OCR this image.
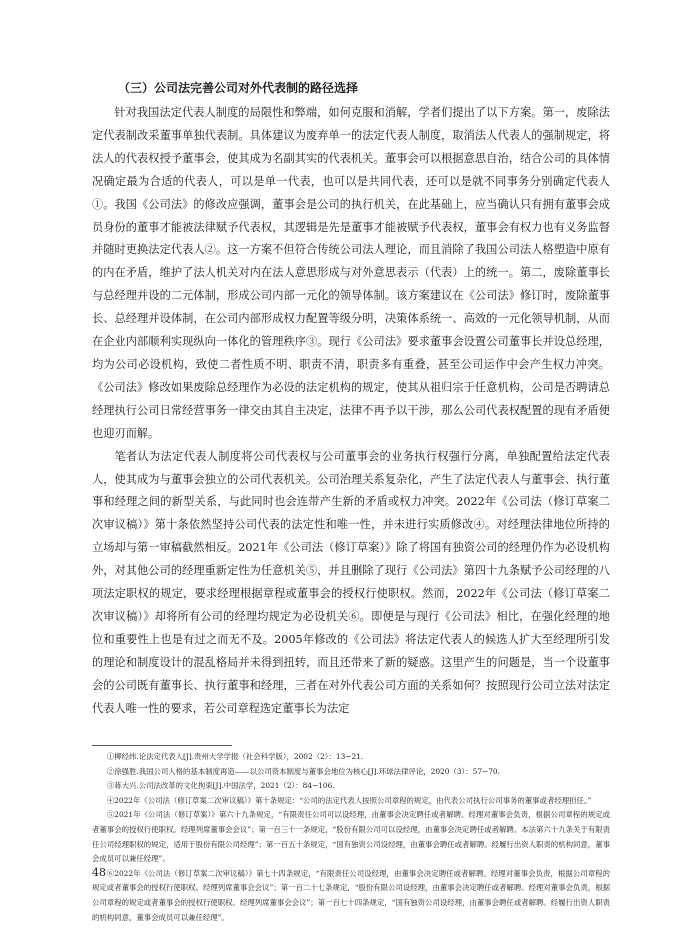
（三）公司法完善公司对外代表制的路径选择

针对我国法定代表人制度的局限性和弊端，如何克服和消解，学者们提出了以下方案。第一，废除法定代表制改采董事单独代表制。具体建议为废弃单一的法定代表人制度，取消法人代表人的强制规定，将法人的代表权授予董事会，使其成为名副其实的代表机关。董事会可以根据意思自治，结合公司的具体情况确定最为合适的代表人，可以是单一代表，也可以是共同代表，还可以是就不同事务分别确定代表人①。我国《公司法》的修改应强调，董事会是公司的执行机关，在此基础上，应当确认只有拥有董事会成员身份的董事才能被法律赋予代表权，其逻辑是先是董事才能被赋予代表权，董事会有权力也有义务监督并随时更换法定代表人②。这一方案不但符合传统公司法人理论，而且消除了我国公司法人格塑造中原有的内在矛盾，维护了法人机关对内在法人意思形成与对外意思表示（代表）上的统一。第二，废除董事长与总经理并设的二元体制，形成公司内部一元化的领导体制。该方案建议在《公司法》修订时，废除董事长、总经理并设体制，在公司内部形成权力配置等级分明，决策体系统一、高效的一元化领导机制，从而在企业内部顺利实现纵向一体化的管理秩序③。现行《公司法》要求董事会设置公司董事长并设总经理，均为公司必设机构，致使二者性质不明、职责不清，职责多有重叠，甚至公司运作中会产生权力冲突。《公司法》修改如果废除总经理作为必设的法定机构的规定，使其从祖归宗于任意机构，公司是否聘请总经理执行公司日常经营事务一律交由其自主决定，法律不再予以干涉，那么公司代表权配置的现有矛盾便也迎刃而解。

笔者认为法定代表人制度将公司代表权与公司董事会的业务执行权强行分离，单独配置给法定代表人，使其成为与董事会独立的公司代表机关。公司治理关系复杂化，产生了法定代表人与董事会、执行董事和经理之间的新型关系，与此同时也会连带产生新的矛盾或权力冲突。2022年《公司法（修订草案二次审议稿）》第十条依然坚持公司代表的法定性和唯一性，并未进行实质修改④。对经理法律地位所持的立场却与第一审稿截然相反。2021年《公司法（修订草案）》除了将国有独资公司的经理仍作为必设机构外，对其他公司的经理重新定性为任意机关⑤，并且删除了现行《公司法》第四十九条赋予公司经理的八项法定职权的规定，要求经理根据章程或董事会的授权行使职权。然而，2022年《公司法（修订草案二次审议稿）》却将所有公司的经理均规定为必设机关⑥。即便是与现行《公司法》相比，在强化经理的地位和重要性上也是有过之而无不及。2005年修改的《公司法》将法定代表人的候选人扩大至经理所引发的理论和制度设计的混乱格局并未得到扭转，而且还带来了新的疑惑。这里产生的问题是，当一个设董事会的公司既有董事长、执行董事和经理，三者在对外代表公司方面的关系如何？按照现行公司立法对法定代表人唯一性的要求，若公司章程选定董事长为法定

①柳经纬.论法定代表人[J].贵州大学学报（社会科学版），2002（2）：13−21.

②徐强胜.我国公司人格的基本制度再造——以公司资本制度与董事会地位为核心[J].环球法律评论，2020（3）：57−70.

③蒋大兴.公司法改革的文化拘束[J].中国法学，2021（2）：84−106.

④2022年《公司法（修订草案二次审议稿）》第十条规定：“公司的法定代表人按照公司章程的规定，由代表公司执行公司事务的董事或者经理担任。”

⑤2021年《公司法（修订草案）》第六十九条规定，“有限责任公司可以设经理，由董事会决定聘任或者解聘。经理对董事会负责，根据公司章程的规定或者董事会的授权行使职权。经理列席董事会会议”；第一百三十一条规定，“股份有限公司可以设经理，由董事会决定聘任或者解聘。本法第六十九条关于有限责任公司经理职权的规定，适用于股份有限公司经理”；第一百五十条规定，“国有独资公司设经理，由董事会聘任或者解聘。经履行出资人职责的机构同意，董事会成员可以兼任经理”。

⑥2022年《公司法（修订草案二次审议稿）》第七十四条规定，“有限责任公司设经理，由董事会决定聘任或者解聘。经理对董事会负责，根据公司章程的规定或者董事会的授权行使职权。经理列席董事会会议”；第一百二十七条规定，“股份有限公司设经理，由董事会决定聘任或者解聘。经理对董事会负责，根据公司章程的规定或者董事会的授权行使职权。经理列席董事会会议”；第一百七十四条规定，“国有独资公司设经理，由董事会聘任或者解聘。经履行出资人职责的机构同意，董事会成员可以兼任经理”。

48
